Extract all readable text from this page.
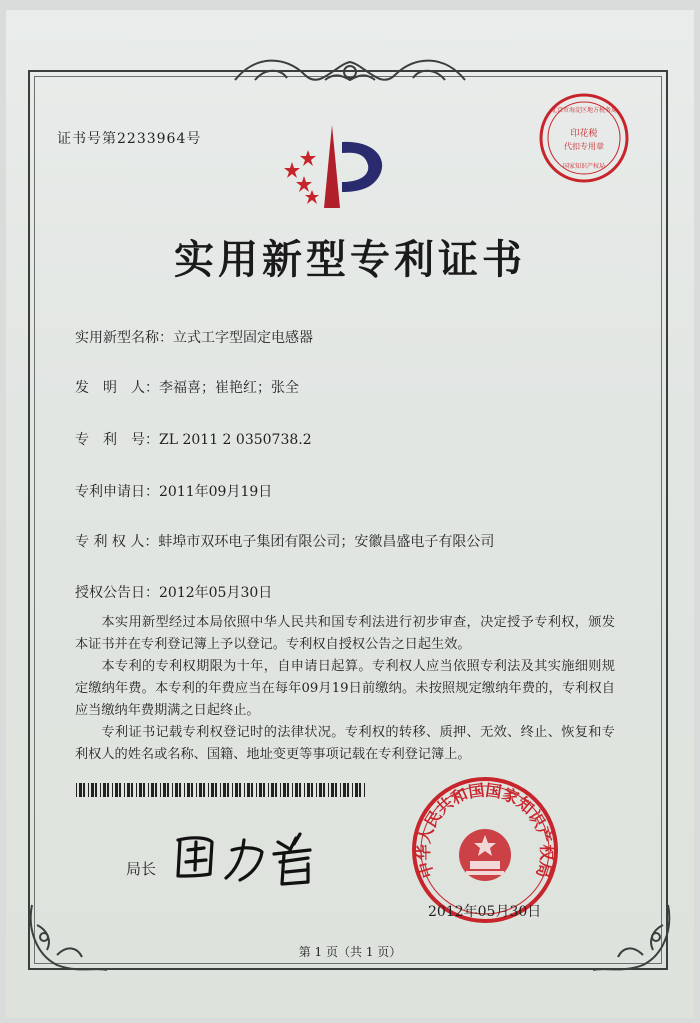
证书号第2233964号	印花税
代扣专用章
北京市海淀区地方税务局
国家知识产权局
实用新型专利证书
实用新型名称：立式工字型固定电感器
发　明　人：李福喜；崔艳红；张全
专　利　号：ZL 2011 2 0350738.2
专利申请日：2011年09月19日
专 利 权 人：蚌埠市双环电子集团有限公司；安徽昌盛电子有限公司
授权公告日：2012年05月30日

本实用新型经过本局依照中华人民共和国专利法进行初步审查，决定授予专利权，颁发本证书并在专利登记簿上予以登记。专利权自授权公告之日起生效。

本专利的专利权期限为十年，自申请日起算。专利权人应当依照专利法及其实施细则规定缴纳年费。本专利的年费应当在每年09月19日前缴纳。未按照规定缴纳年费的，专利权自应当缴纳年费期满之日起终止。

专利证书记载专利权登记时的法律状况。专利权的转移、质押、无效、终止、恢复和专利权人的姓名或名称、国籍、地址变更等事项记载在专利登记簿上。

局长	中华人民共和国国家知识产权局
2012年05月30日
第 1 页（共 1 页）
